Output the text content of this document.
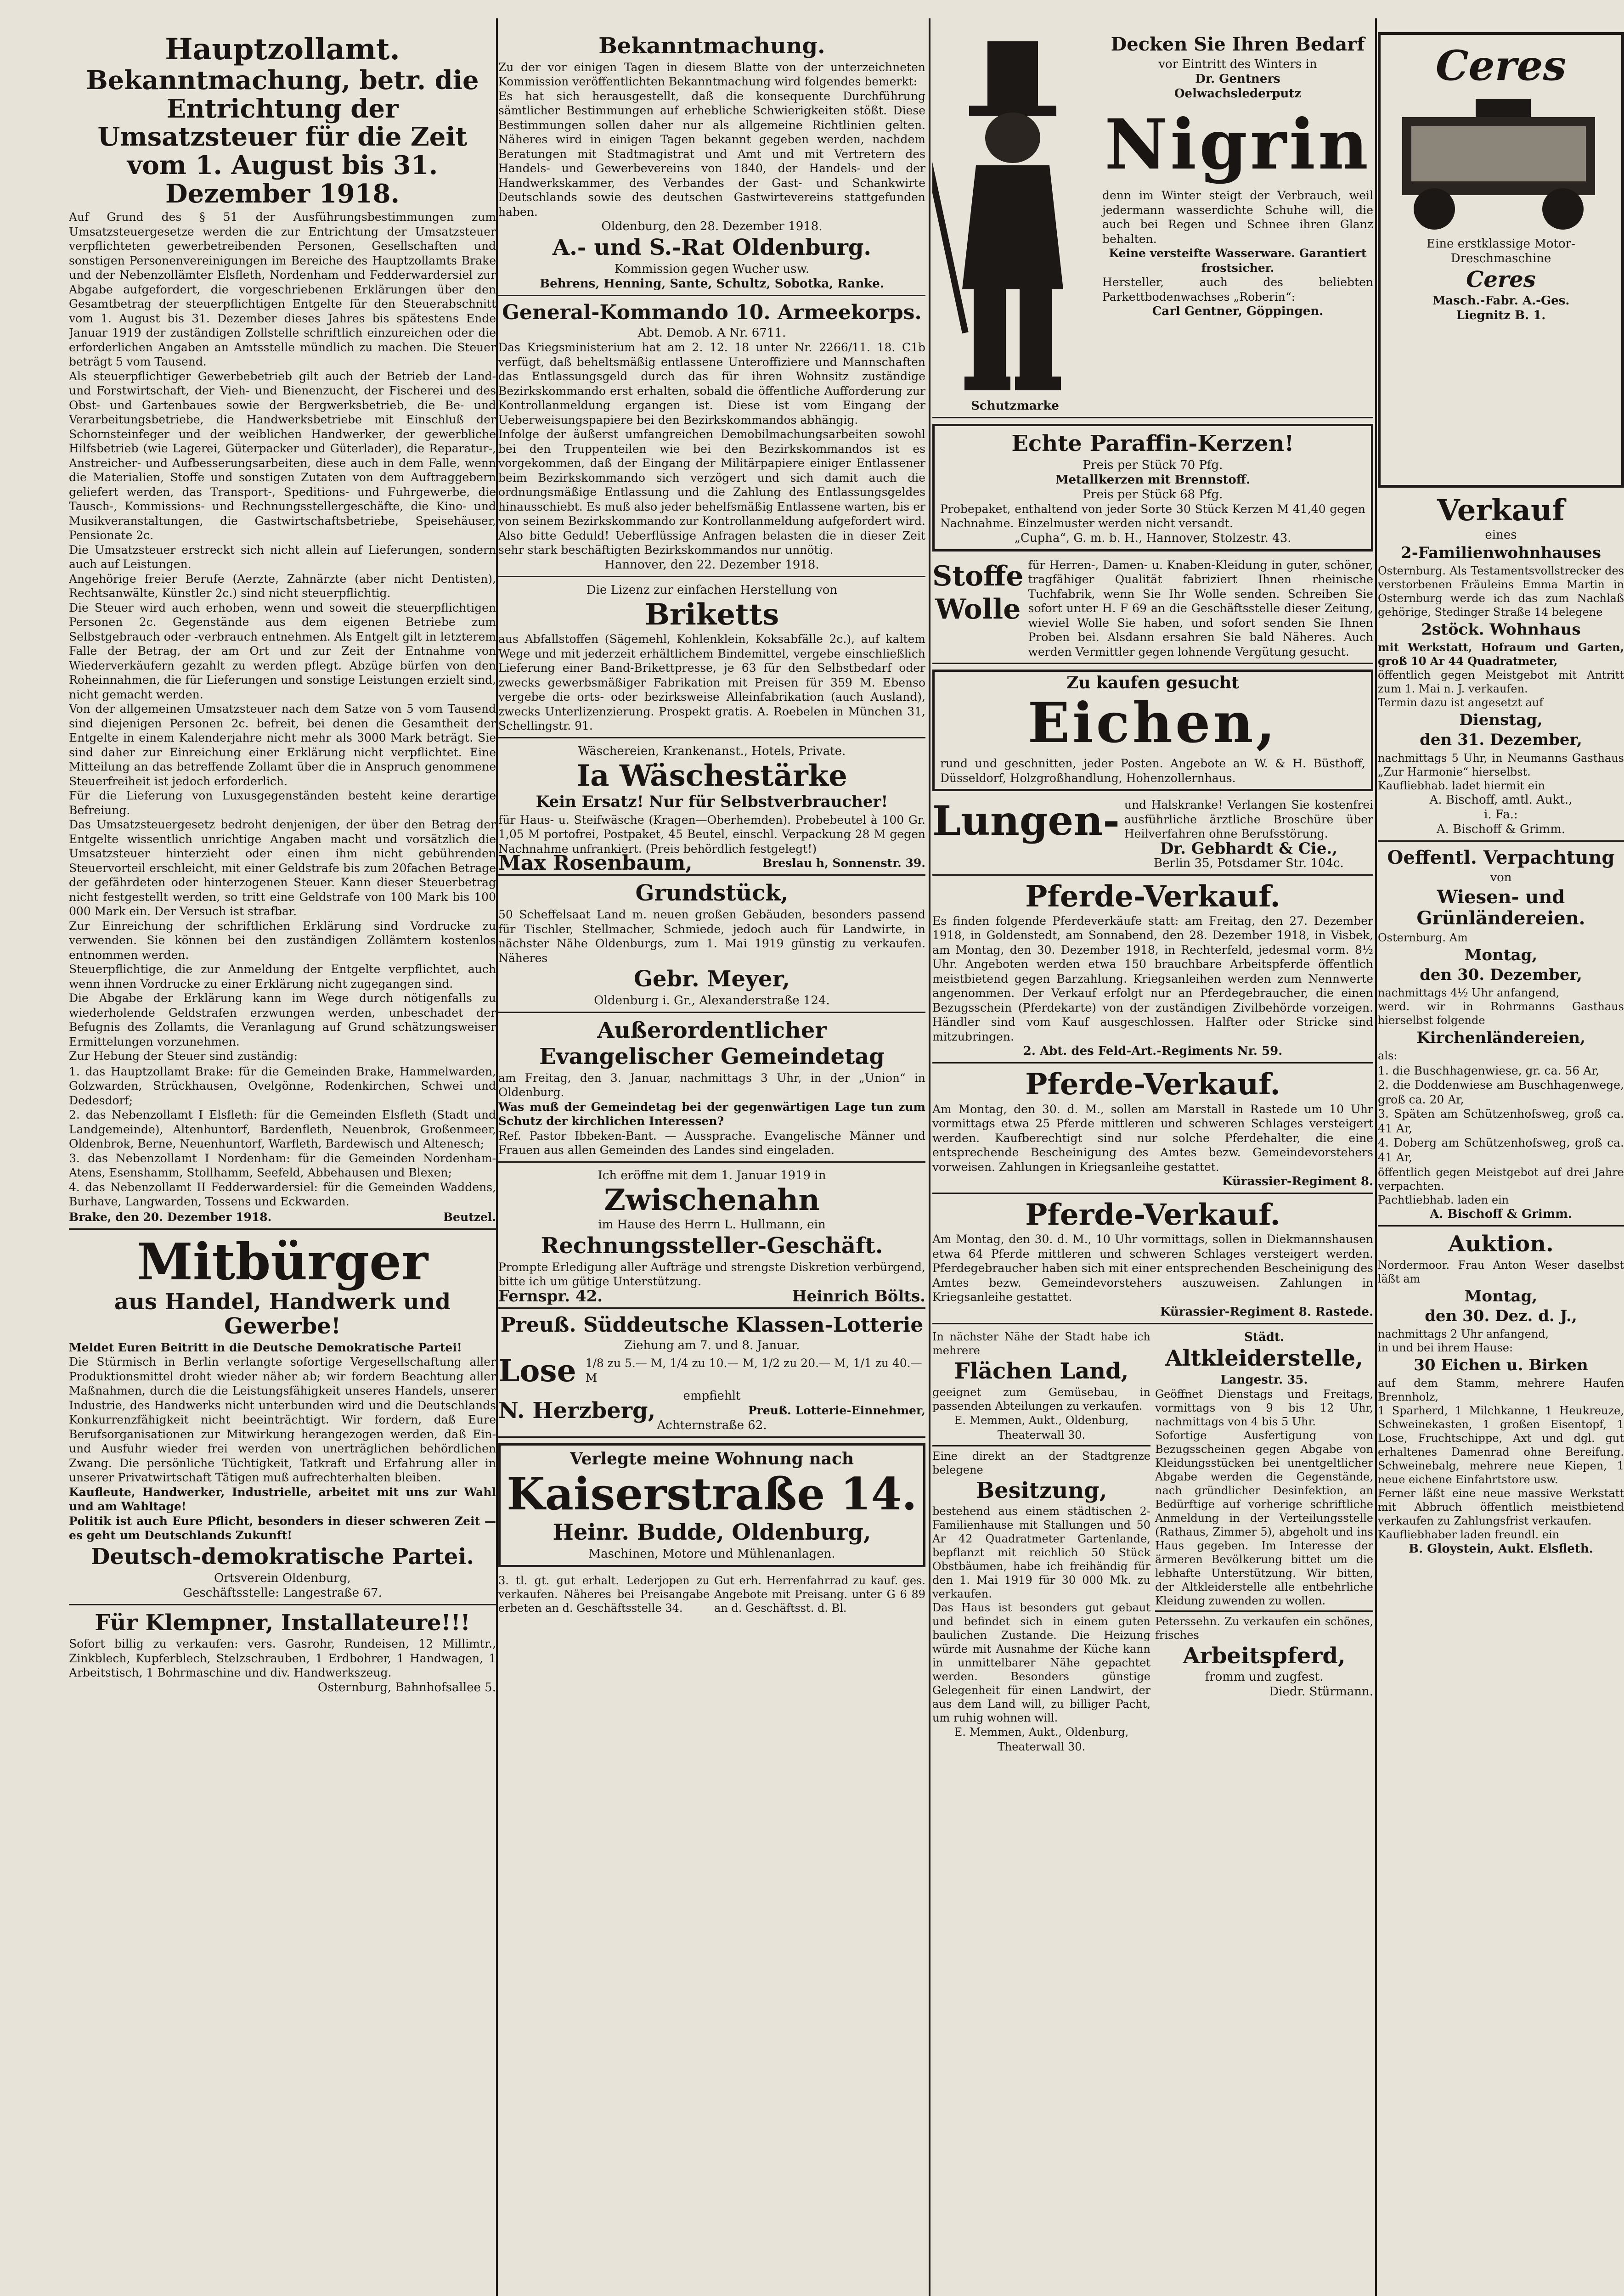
Hauptzollamt.
Bekanntmachung, betr. die Entrichtung der Umsatzsteuer für die Zeit vom 1. August bis 31. Dezember 1918.

Auf Grund des § 51 der Ausführungsbestimmungen zum Umsatzsteuergesetze werden die zur Entrichtung der Umsatzsteuer verpflichteten gewerbetreibenden Personen, Gesellschaften und sonstigen Personenvereinigungen im Bereiche des Hauptzollamts Brake und der Nebenzollämter Elsfleth, Nordenham und Fedderwardersiel zur Abgabe aufgefordert, die vorgeschriebenen Erklärungen über den Gesamtbetrag der steuerpflichtigen Entgelte für den Steuerabschnitt vom 1. August bis 31. Dezember dieses Jahres bis spätestens Ende Januar 1919 der zuständigen Zollstelle schriftlich einzureichen oder die erforderlichen Angaben an Amtsstelle mündlich zu machen. Die Steuer beträgt 5 vom Tausend.

Als steuerpflichtiger Gewerbebetrieb gilt auch der Betrieb der Land- und Forstwirtschaft, der Vieh- und Bienenzucht, der Fischerei und des Obst- und Gartenbaues sowie der Bergwerksbetrieb, die Be- und Verarbeitungsbetriebe, die Handwerksbetriebe mit Einschluß der Schornsteinfeger und der weiblichen Handwerker, der gewerbliche Hilfsbetrieb (wie Lagerei, Güterpacker und Güterlader), die Reparatur-, Anstreicher- und Aufbesserungsarbeiten, diese auch in dem Falle, wenn die Materialien, Stoffe und sonstigen Zutaten von dem Auftraggebern geliefert werden, das Transport-, Speditions- und Fuhrgewerbe, die Tausch-, Kommissions- und Rechnungsstellergeschäfte, die Kino- und Musikveranstaltungen, die Gastwirtschaftsbetriebe, Speisehäuser, Pensionate 2c.

Die Umsatzsteuer erstreckt sich nicht allein auf Lieferungen, sondern auch auf Leistungen.

Angehörige freier Berufe (Aerzte, Zahnärzte (aber nicht Dentisten), Rechtsanwälte, Künstler 2c.) sind nicht steuerpflichtig.

Die Steuer wird auch erhoben, wenn und soweit die steuerpflichtigen Personen 2c. Gegenstände aus dem eigenen Betriebe zum Selbstgebrauch oder -verbrauch entnehmen. Als Entgelt gilt in letzterem Falle der Betrag, der am Ort und zur Zeit der Entnahme von Wiederverkäufern gezahlt zu werden pflegt. Abzüge bürfen von den Roheinnahmen, die für Lieferungen und sonstige Leistungen erzielt sind, nicht gemacht werden.

Von der allgemeinen Umsatzsteuer nach dem Satze von 5 vom Tausend sind diejenigen Personen 2c. befreit, bei denen die Gesamtheit der Entgelte in einem Kalenderjahre nicht mehr als 3000 Mark beträgt. Sie sind daher zur Einreichung einer Erklärung nicht verpflichtet. Eine Mitteilung an das betreffende Zollamt über die in Anspruch genommene Steuerfreiheit ist jedoch erforderlich.

Für die Lieferung von Luxusgegenständen besteht keine derartige Befreiung.

Das Umsatzsteuergesetz bedroht denjenigen, der über den Betrag der Entgelte wissentlich unrichtige Angaben macht und vorsätzlich die Umsatzsteuer hinterzieht oder einen ihm nicht gebührenden Steuervorteil erschleicht, mit einer Geldstrafe bis zum 20fachen Betrage der gefährdeten oder hinterzogenen Steuer. Kann dieser Steuerbetrag nicht festgestellt werden, so tritt eine Geldstrafe von 100 Mark bis 100 000 Mark ein. Der Versuch ist strafbar.

Zur Einreichung der schriftlichen Erklärung sind Vordrucke zu verwenden. Sie können bei den zuständigen Zollämtern kostenlos entnommen werden.

Steuerpflichtige, die zur Anmeldung der Entgelte verpflichtet, auch wenn ihnen Vordrucke zu einer Erklärung nicht zugegangen sind.

Die Abgabe der Erklärung kann im Wege durch nötigenfalls zu wiederholende Geldstrafen erzwungen werden, unbeschadet der Befugnis des Zollamts, die Veranlagung auf Grund schätzungsweiser Ermittelungen vorzunehmen.

Zur Hebung der Steuer sind zuständig:

1. das Hauptzollamt Brake: für die Gemeinden Brake, Hammelwarden, Golzwarden, Strückhausen, Ovelgönne, Rodenkirchen, Schwei und Dedesdorf;
2. das Nebenzollamt I Elsfleth: für die Gemeinden Elsfleth (Stadt und Landgemeinde), Altenhuntorf, Bardenfleth, Neuenbrok, Großenmeer, Oldenbrok, Berne, Neuenhuntorf, Warfleth, Bardewisch und Altenesch;
3. das Nebenzollamt I Nordenham: für die Gemeinden Nordenham-Atens, Esenshamm, Stollhamm, Seefeld, Abbehausen und Blexen;
4. das Nebenzollamt II Fedderwardersiel: für die Gemeinden Waddens, Burhave, Langwarden, Tossens und Eckwarden.
Brake, den 20. Dezember 1918.	Beutzel.
Mitbürger
aus Handel, Handwerk und Gewerbe!

Meldet Euren Beitritt in die Deutsche Demokratische Partei!

Die Stürmisch in Berlin verlangte sofortige Vergesellschaftung aller Produktionsmittel droht wieder näher ab; wir fordern Beachtung aller Maßnahmen, durch die die Leistungsfähigkeit unseres Handels, unserer Industrie, des Handwerks nicht unterbunden wird und die Deutschlands Konkurrenzfähigkeit nicht beeinträchtigt. Wir fordern, daß Eure Berufsorganisationen zur Mitwirkung herangezogen werden, daß Ein- und Ausfuhr wieder frei werden von unerträglichen behördlichen Zwang. Die persönliche Tüchtigkeit, Tatkraft und Erfahrung aller in unserer Privatwirtschaft Tätigen muß aufrechterhalten bleiben.

Kaufleute, Handwerker, Industrielle, arbeitet mit uns zur Wahl und am Wahltage!

Politik ist auch Eure Pflicht, besonders in dieser schweren Zeit — es geht um Deutschlands Zukunft!

Deutsch-demokratische Partei.
Ortsverein Oldenburg,
Geschäftsstelle: Langestraße 67.
Für Klempner, Installateure!!!

Sofort billig zu verkaufen: vers. Gasrohr, Rundeisen, 12 Millimtr., Zinkblech, Kupferblech, Stelzschrauben, 1 Erdbohrer, 1 Handwagen, 1 Arbeitstisch, 1 Bohrmaschine und div. Handwerkszeug.

Osternburg, Bahnhofsallee 5.
Bekanntmachung.

Zu der vor einigen Tagen in diesem Blatte von der unterzeichneten Kommission veröffentlichten Bekanntmachung wird folgendes bemerkt:

Es hat sich herausgestellt, daß die konsequente Durchführung sämtlicher Bestimmungen auf erhebliche Schwierigkeiten stößt. Diese Bestimmungen sollen daher nur als allgemeine Richtlinien gelten. Näheres wird in einigen Tagen bekannt gegeben werden, nachdem Beratungen mit Stadtmagistrat und Amt und mit Vertretern des Handels- und Gewerbevereins von 1840, der Handels- und der Handwerkskammer, des Verbandes der Gast- und Schankwirte Deutschlands sowie des deutschen Gastwirtevereins stattgefunden haben.

Oldenburg, den 28. Dezember 1918.
A.- und S.-Rat Oldenburg.
Kommission gegen Wucher usw.
Behrens, Henning, Sante, Schultz, Sobotka, Ranke.
General-Kommando 10. Armeekorps.
Abt. Demob. A Nr. 6711.

Das Kriegsministerium hat am 2. 12. 18 unter Nr. 2266/11. 18. C1b verfügt, daß beheltsmäßig entlassene Unteroffiziere und Mannschaften das Entlassungsgeld durch das für ihren Wohnsitz zuständige Bezirkskommando erst erhalten, sobald die öffentliche Aufforderung zur Kontrollanmeldung ergangen ist. Diese ist vom Eingang der Ueberweisungspapiere bei den Bezirkskommandos abhängig.

Infolge der äußerst umfangreichen Demobilmachungsarbeiten sowohl bei den Truppenteilen wie bei den Bezirkskommandos ist es vorgekommen, daß der Eingang der Militärpapiere einiger Entlassener beim Bezirkskommando sich verzögert und sich damit auch die ordnungsmäßige Entlassung und die Zahlung des Entlassungsgeldes hinausschiebt. Es muß also jeder behelfsmäßig Entlassene warten, bis er von seinem Bezirkskommando zur Kontrollanmeldung aufgefordert wird. Also bitte Geduld! Ueberflüssige Anfragen belasten die in dieser Zeit sehr stark beschäftigten Bezirkskommandos nur unnötig.

Hannover, den 22. Dezember 1918.
Die Lizenz zur einfachen Herstellung von
Briketts

aus Abfallstoffen (Sägemehl, Kohlenklein, Koksabfälle 2c.), auf kaltem Wege und mit jederzeit erhältlichem Bindemittel, vergebe einschließlich Lieferung einer Band-Brikettpresse, je 63 für den Selbstbedarf oder zwecks gewerbsmäßiger Fabrikation mit Preisen für 359 M. Ebenso vergebe die orts- oder bezirksweise Alleinfabrikation (auch Ausland), zwecks Unterlizenzierung. Prospekt gratis. A. Roebelen in München 31, Schellingstr. 91.

Wäschereien, Krankenanst., Hotels, Private.
Ia Wäschestärke
Kein Ersatz! Nur für Selbstverbraucher!

für Haus- u. Steifwäsche (Kragen—Oberhemden). Probebeutel à 100 Gr. 1,05 M portofrei, Postpaket, 45 Beutel, einschl. Verpackung 28 M gegen Nachnahme unfrankiert. (Preis behördlich festgelegt!)

Max Rosenbaum,	Breslau h, Sonnenstr. 39.
Grundstück,

50 Scheffelsaat Land m. neuen großen Gebäuden, besonders passend für Tischler, Stellmacher, Schmiede, jedoch auch für Landwirte, in nächster Nähe Oldenburgs, zum 1. Mai 1919 günstig zu verkaufen. Näheres

Gebr. Meyer,
Oldenburg i. Gr., Alexanderstraße 124.
Außerordentlicher
Evangelischer Gemeindetag

am Freitag, den 3. Januar, nachmittags 3 Uhr, in der „Union“ in Oldenburg.

Was muß der Gemeindetag bei der gegenwärtigen Lage tun zum Schutz der kirchlichen Interessen?

Ref. Pastor Ibbeken-Bant. — Aussprache. Evangelische Männer und Frauen aus allen Gemeinden des Landes sind eingeladen.

Ich eröffne mit dem 1. Januar 1919 in
Zwischenahn
im Hause des Herrn L. Hullmann, ein
Rechnungssteller-Geschäft.

Prompte Erledigung aller Aufträge und strengste Diskretion verbürgend, bitte ich um gütige Unterstützung.

Fernspr. 42.	Heinrich Bölts.
Preuß. Süddeutsche Klassen-Lotterie
Ziehung am 7. und 8. Januar.
Lose 1/8 zu 5.— M, 1/4 zu 10.— M, 1/2 zu 20.— M, 1/1 zu 40.— M
empfiehlt
N. Herzberg,	Preuß. Lotterie-Einnehmer,
Achternstraße 62.
Verlegte meine Wohnung nach
Kaiserstraße 14.
Heinr. Budde, Oldenburg,
Maschinen, Motore und Mühlenanlagen.

3. tl. gt. gut erhalt. Lederjopen zu verkaufen. Näheres bei Preisangabe erbeten an d. Geschäftsstelle 34.

Gut erh. Herrenfahrrad zu kauf. ges. Angebote mit Preisang. unter G 6 89 an d. Geschäftsst. d. Bl.

Schutzmarke
Decken Sie Ihren Bedarf
vor Eintritt des Winters in
Dr. Gentners
Oelwachslederputz
Nigrin

denn im Winter steigt der Verbrauch, weil jedermann wasserdichte Schuhe will, die auch bei Regen und Schnee ihren Glanz behalten.

Keine versteifte Wasserware. Garantiert frostsicher.

Hersteller, auch des beliebten Parkettbodenwachses „Roberin“:

Carl Gentner, Göppingen.
Echte Paraffin-Kerzen!
Preis per Stück 70 Pfg.
Metallkerzen mit Brennstoff.
Preis per Stück 68 Pfg.

Probepaket, enthaltend von jeder Sorte 30 Stück Kerzen M 41,40 gegen Nachnahme. Einzelmuster werden nicht versandt.

„Cupha“, G. m. b. H., Hannover, Stolzestr. 43.
Stoffe Wolle

für Herren-, Damen- u. Knaben-Kleidung in guter, schöner, tragfähiger Qualität fabriziert Ihnen rheinische Tuchfabrik, wenn Sie Ihr Wolle senden. Schreiben Sie sofort unter H. F 69 an die Geschäftsstelle dieser Zeitung, wieviel Wolle Sie haben, und sofort senden Sie Ihnen Proben bei. Alsdann ersahren Sie bald Näheres. Auch werden Vermittler gegen lohnende Vergütung gesucht.

Zu kaufen gesucht
Eichen,

rund und geschnitten, jeder Posten. Angebote an W. & H. Büsthoff, Düsseldorf, Holzgroßhandlung, Hohenzollernhaus.

Lungen- und Halskranke! Verlangen Sie kostenfrei ausführliche ärztliche Broschüre über Heilverfahren ohne Berufsstörung.

Dr. Gebhardt & Cie.,
Berlin 35, Potsdamer Str. 104c.
Pferde-Verkauf.

Es finden folgende Pferdeverkäufe statt: am Freitag, den 27. Dezember 1918, in Goldenstedt, am Sonnabend, den 28. Dezember 1918, in Visbek, am Montag, den 30. Dezember 1918, in Rechterfeld, jedesmal vorm. 8½ Uhr. Angeboten werden etwa 150 brauchbare Arbeitspferde öffentlich meistbietend gegen Barzahlung. Kriegsanleihen werden zum Nennwerte angenommen. Der Verkauf erfolgt nur an Pferdegebraucher, die einen Bezugsschein (Pferdekarte) von der zuständigen Zivilbehörde vorzeigen. Händler sind vom Kauf ausgeschlossen. Halfter oder Stricke sind mitzubringen.

2. Abt. des Feld-Art.-Regiments Nr. 59.
Pferde-Verkauf.

Am Montag, den 30. d. M., sollen am Marstall in Rastede um 10 Uhr vormittags etwa 25 Pferde mittleren und schweren Schlages versteigert werden. Kaufberechtigt sind nur solche Pferdehalter, die eine entsprechende Bescheinigung des Amtes bezw. Gemeindevorstehers vorweisen. Zahlungen in Kriegsanleihe gestattet.

Kürassier-Regiment 8.
Pferde-Verkauf.

Am Montag, den 30. d. M., 10 Uhr vormittags, sollen in Diekmannshausen etwa 64 Pferde mittleren und schweren Schlages versteigert werden. Pferdegebraucher haben sich mit einer entsprechenden Bescheinigung des Amtes bezw. Gemeindevorstehers auszuweisen. Zahlungen in Kriegsanleihe gestattet.

Kürassier-Regiment 8. Rastede.

In nächster Nähe der Stadt habe ich mehrere

Flächen Land,

geeignet zum Gemüsebau, in passenden Abteilungen zu verkaufen.

E. Memmen, Aukt., Oldenburg, Theaterwall 30.

Eine direkt an der Stadtgrenze belegene

Besitzung,

bestehend aus einem städtischen 2-Familienhause mit Stallungen und 50 Ar 42 Quadratmeter Gartenlande, bepflanzt mit reichlich 50 Stück Obstbäumen, habe ich freihändig für den 1. Mai 1919 für 30 000 Mk. zu verkaufen.

Das Haus ist besonders gut gebaut und befindet sich in einem guten baulichen Zustande. Die Heizung würde mit Ausnahme der Küche kann in unmittelbarer Nähe gepachtet werden. Besonders günstige Gelegenheit für einen Landwirt, der aus dem Land will, zu billiger Pacht, um ruhig wohnen will.

E. Memmen, Aukt., Oldenburg, Theaterwall 30.
Städt.
Altkleiderstelle,
Langestr. 35.

Geöffnet Dienstags und Freitags, vormittags von 9 bis 12 Uhr, nachmittags von 4 bis 5 Uhr.

Sofortige Ausfertigung von Bezugsscheinen gegen Abgabe von Kleidungsstücken bei unentgeltlicher Abgabe werden die Gegenstände, nach gründlicher Desinfektion, an Bedürftige auf vorherige schriftliche Anmeldung in der Verteilungsstelle (Rathaus, Zimmer 5), abgeholt und ins Haus gegeben. Im Interesse der ärmeren Bevölkerung bittet um die lebhafte Unterstützung. Wir bitten, der Altkleiderstelle alle entbehrliche Kleidung zuwenden zu wollen.

Peterssehn. Zu verkaufen ein schönes, frisches

Arbeitspferd,
fromm und zugfest.
Diedr. Stürmann.
Ceres
Eine erstklassige Motor-Dreschmaschine
Ceres
Masch.-Fabr. A.-Ges.
Liegnitz B. 1.
Verkauf
eines
2-Familienwohnhauses

Osternburg. Als Testamentsvollstrecker des verstorbenen Fräuleins Emma Martin in Osternburg werde ich das zum Nachlaß gehörige, Stedinger Straße 14 belegene

2stöck. Wohnhaus

mit Werkstatt, Hofraum und Garten, groß 10 Ar 44 Quadratmeter,

öffentlich gegen Meistgebot mit Antritt zum 1. Mai n. J. verkaufen.

Termin dazu ist angesetzt auf

Dienstag,
den 31. Dezember,

nachmittags 5 Uhr, in Neumanns Gasthaus „Zur Harmonie“ hierselbst.

Kaufliebhab. ladet hiermit ein

A. Bischoff, amtl. Aukt.,
i. Fa.:
A. Bischoff & Grimm.
Oeffentl. Verpachtung
von
Wiesen- und Grünländereien.

Osternburg. Am

Montag,
den 30. Dezember,

nachmittags 4½ Uhr anfangend,

werd. wir in Rohrmanns Gasthaus hierselbst folgende

Kirchenländereien,

als:

1. die Buschhagenwiese, gr. ca. 56 Ar,
2. die Doddenwiese am Buschhagenwege, groß ca. 20 Ar,
3. Späten am Schützenhofsweg, groß ca. 41 Ar,
4. Doberg am Schützenhofsweg, groß ca. 41 Ar,

öffentlich gegen Meistgebot auf drei Jahre verpachten.

Pachtliebhab. laden ein

A. Bischoff & Grimm.
Auktion.

Nordermoor. Frau Anton Weser daselbst läßt am

Montag,
den 30. Dez. d. J.,

nachmittags 2 Uhr anfangend,

in und bei ihrem Hause:

30 Eichen u. Birken

auf dem Stamm, mehrere Haufen Brennholz,

1 Sparherd, 1 Milchkanne, 1 Heukreuze, Schweinekasten, 1 großen Eisentopf, 1 Lose, Fruchtschippe, Axt und dgl. gut erhaltenes Damenrad ohne Bereifung. Schweinebalg, mehrere neue Kiepen, 1 neue eichene Einfahrtstore usw.

Ferner läßt eine neue massive Werkstatt mit Abbruch öffentlich meistbietend verkaufen zu Zahlungsfrist verkaufen.

Kaufliebhaber laden freundl. ein

B. Gloystein, Aukt. Elsfleth.
